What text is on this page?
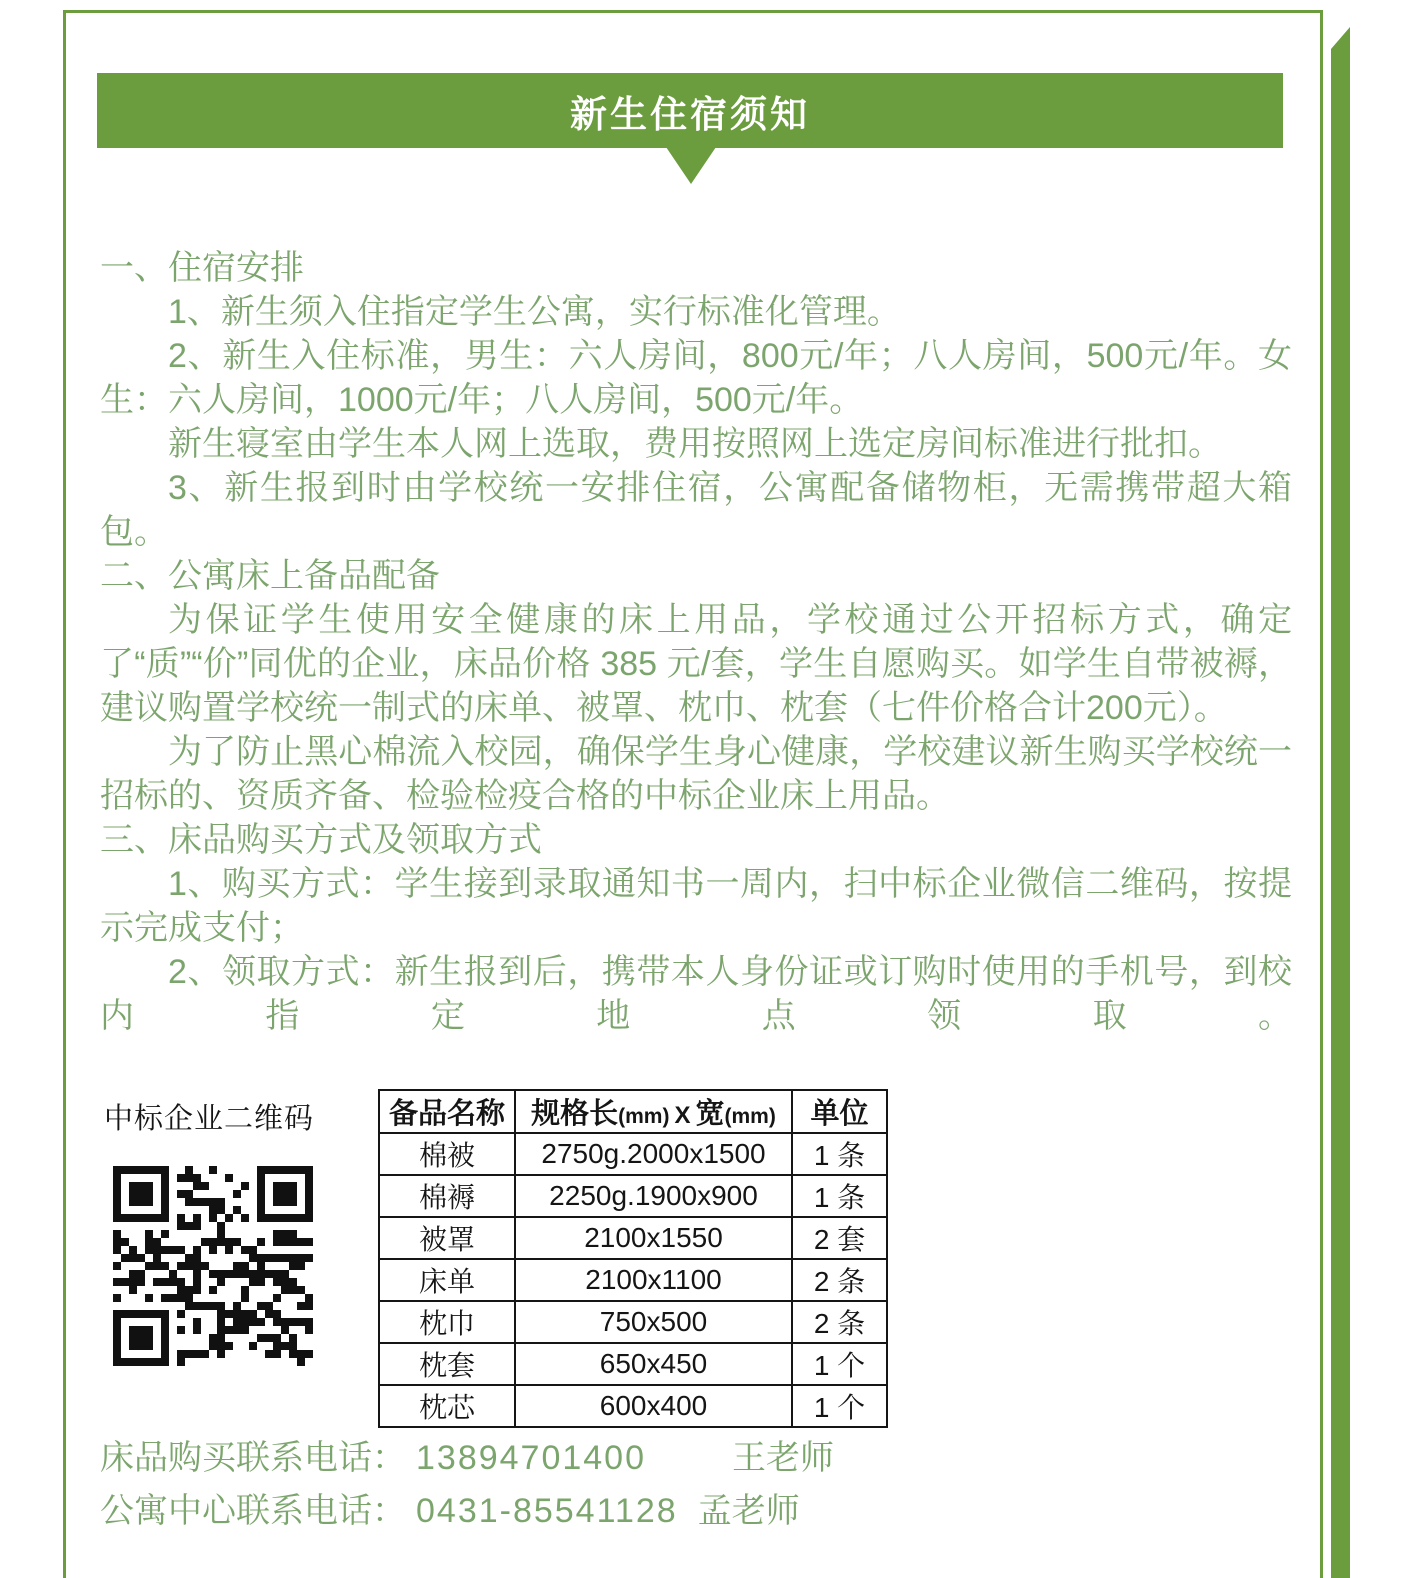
新生住宿须知

一、住宿安排

1、新生须入住指定学生公寓，实行标准化管理。

2、新生入住标准，男生：六人房间，800元/年；八人房间，500元/年。女生：六人房间，1000元/年；八人房间，500元/年。

新生寝室由学生本人网上选取，费用按照网上选定房间标准进行批扣。

3、新生报到时由学校统一安排住宿，公寓配备储物柜，无需携带超大箱包。

二、公寓床上备品配备

为保证学生使用安全健康的床上用品，学校通过公开招标方式，确定了“质”“价”同优的企业，床品价格 385 元/套，学生自愿购买。如学生自带被褥，建议购置学校统一制式的床单、被罩、枕巾、枕套（七件价格合计200元）。

为了防止黑心棉流入校园，确保学生身心健康，学校建议新生购买学校统一招标的、资质齐备、检验检疫合格的中标企业床上用品。

三、床品购买方式及领取方式

1、购买方式：学生接到录取通知书一周内，扫中标企业微信二维码，按提示完成支付；

2、领取方式：新生报到后，携带本人身份证或订购时使用的手机号，到校内指定地点领取。

中标企业二维码	备品名称	规格长(mm) X 宽(mm)	单位
棉被	2750g.2000x1500	1 条
棉褥	2250g.1900x900	1 条
被罩	2100x1550	2 套
床单	2100x1100	2 条
枕巾	750x500	2 条
枕套	650x450	1 个
枕芯	600x400	1 个
床品购买联系电话： 13894701400	王老师
公寓中心联系电话： 0431-85541128 孟老师
